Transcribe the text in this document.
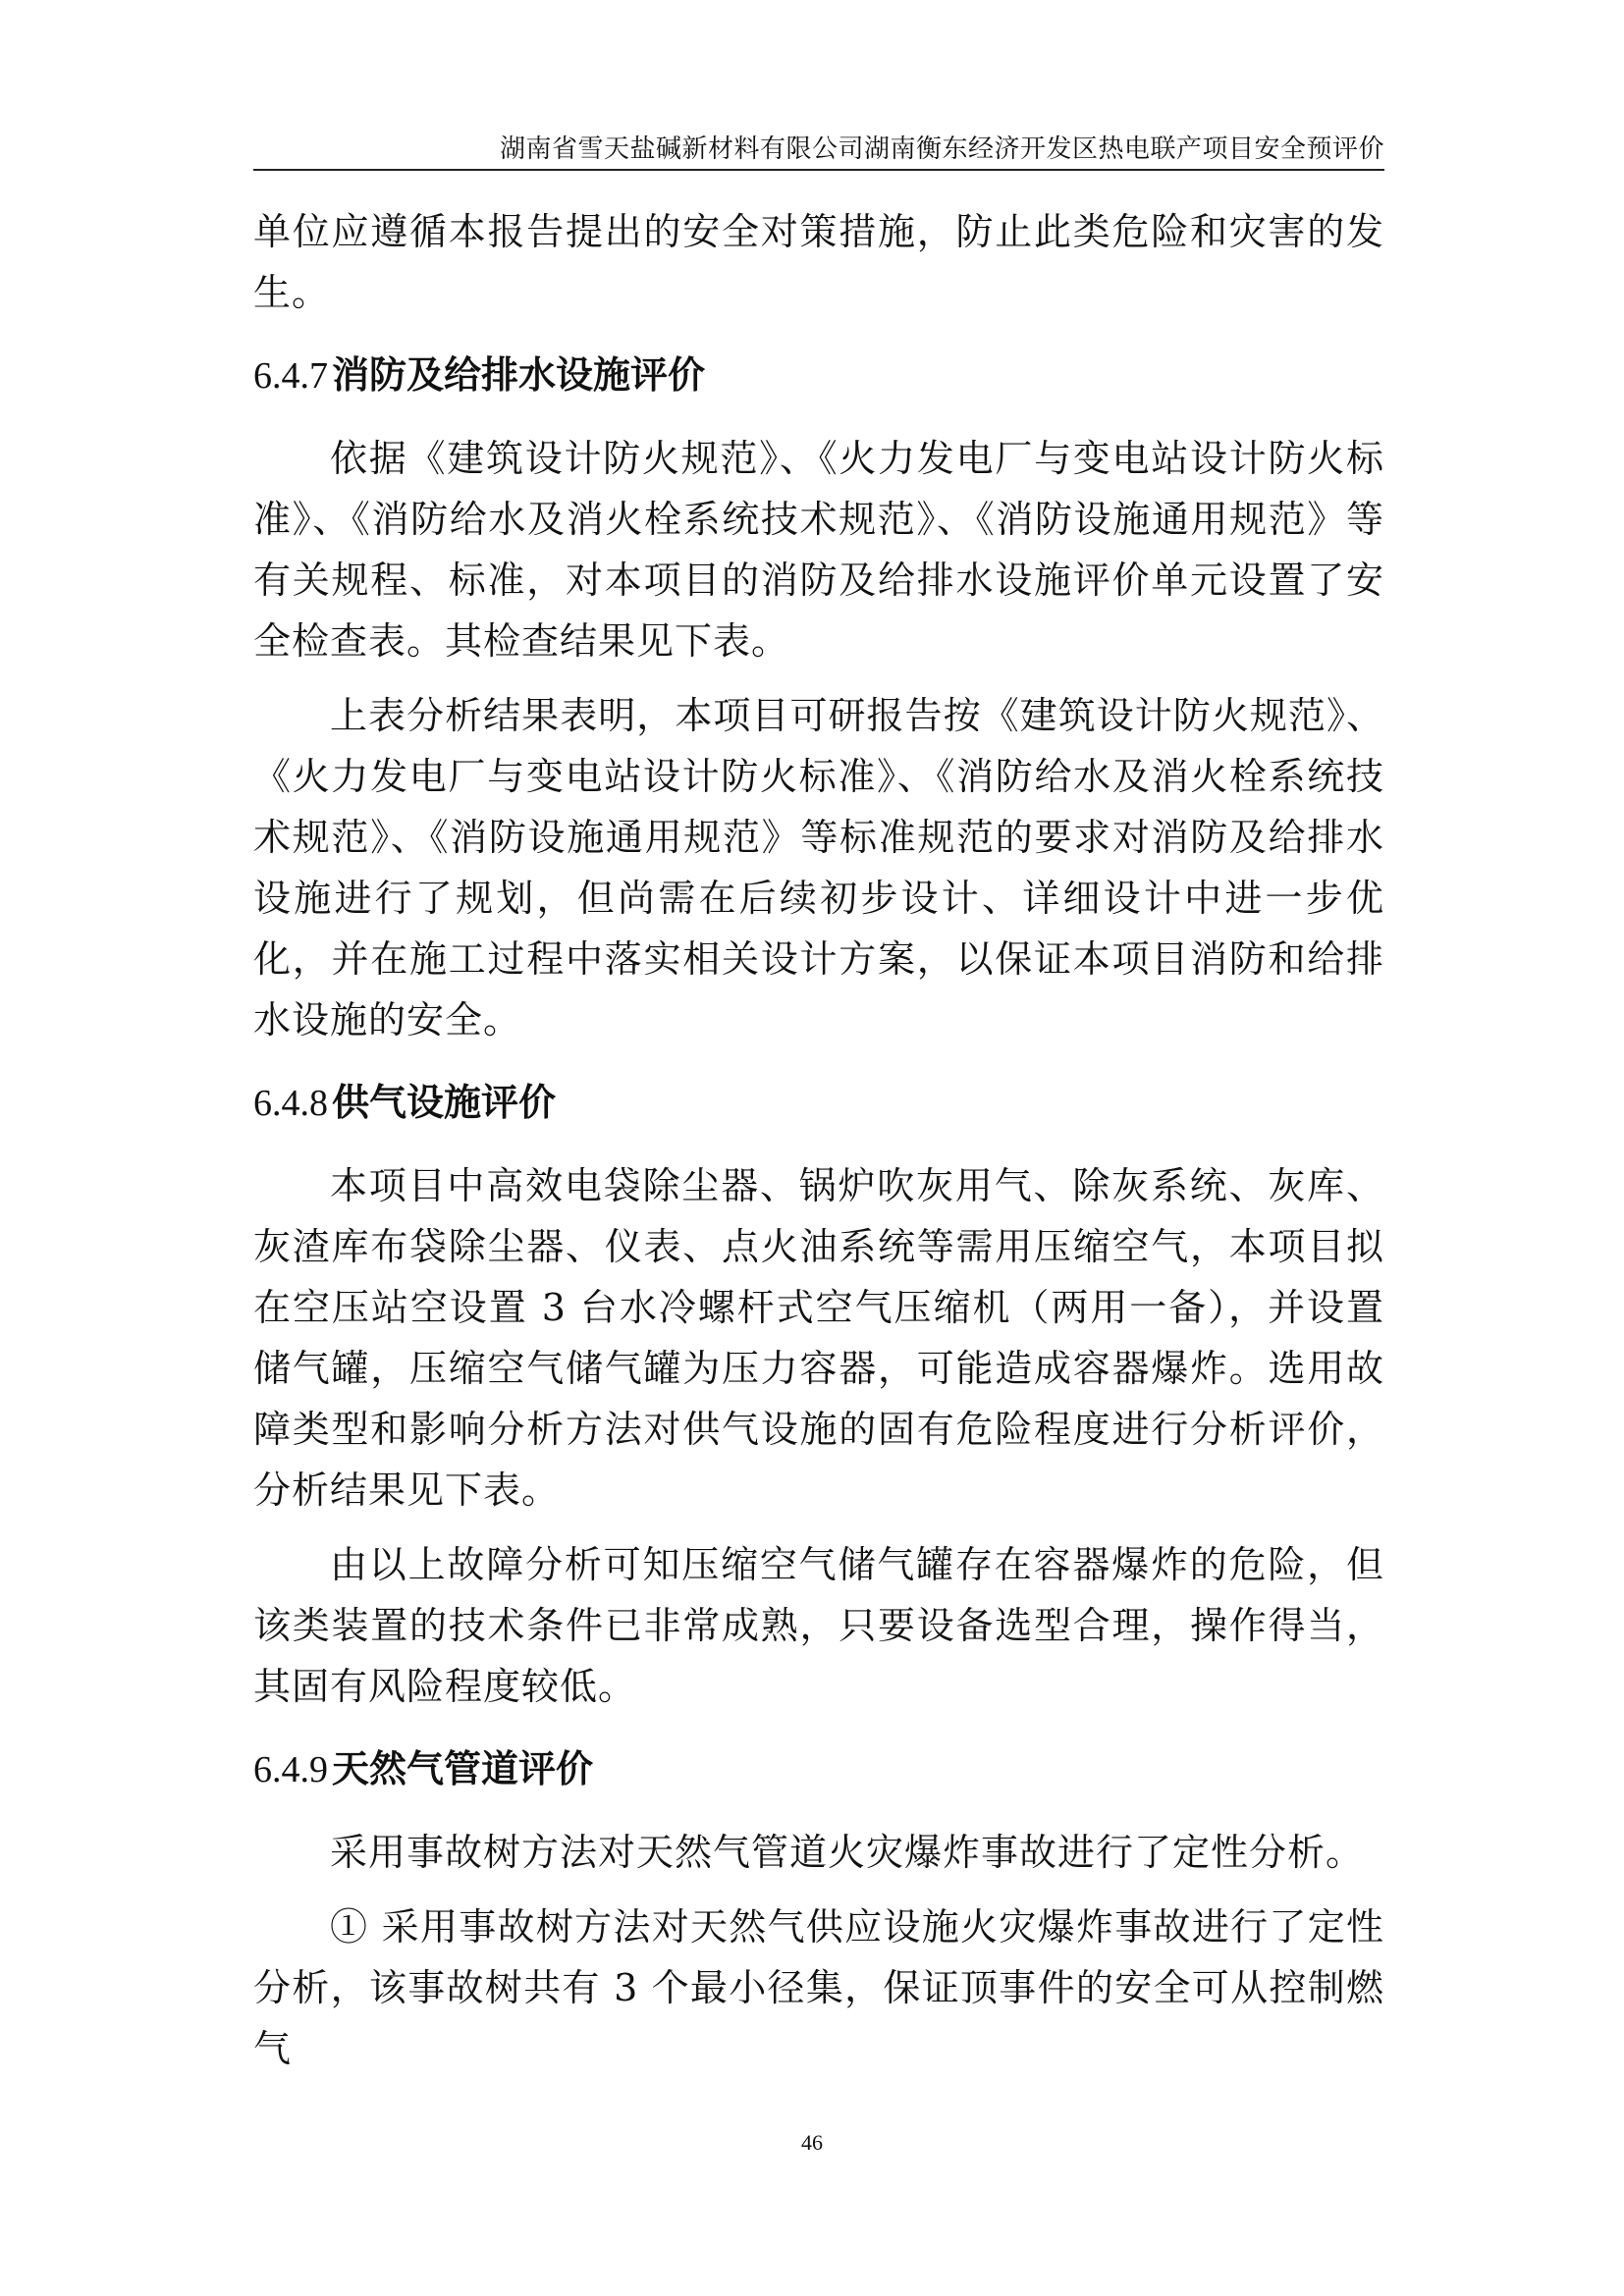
湖南省雪天盐碱新材料有限公司湖南衡东经济开发区热电联产项目安全预评价

单位应遵循本报告提出的安全对策措施，防止此类危险和灾害的发生。

6.4.7 消防及给排水设施评价

依据《建筑设计防火规范》、《火力发电厂与变电站设计防火标准》、《消防给水及消火栓系统技术规范》、《消防设施通用规范》等有关规程、标准，对本项目的消防及给排水设施评价单元设置了安全检查表。其检查结果见下表。

上表分析结果表明，本项目可研报告按《建筑设计防火规范》、《火力发电厂与变电站设计防火标准》、《消防给水及消火栓系统技术规范》、《消防设施通用规范》等标准规范的要求对消防及给排水设施进行了规划，但尚需在后续初步设计、详细设计中进一步优化，并在施工过程中落实相关设计方案，以保证本项目消防和给排水设施的安全。

6.4.8 供气设施评价

本项目中高效电袋除尘器、锅炉吹灰用气、除灰系统、灰库、灰渣库布袋除尘器、仪表、点火油系统等需用压缩空气，本项目拟在空压站空设置 3 台水冷螺杆式空气压缩机（两用一备），并设置储气罐，压缩空气储气罐为压力容器，可能造成容器爆炸。选用故障类型和影响分析方法对供气设施的固有危险程度进行分析评价，分析结果见下表。

由以上故障分析可知压缩空气储气罐存在容器爆炸的危险，但该类装置的技术条件已非常成熟，只要设备选型合理，操作得当，其固有风险程度较低。

6.4.9 天然气管道评价

采用事故树方法对天然气管道火灾爆炸事故进行了定性分析。

① 采用事故树方法对天然气供应设施火灾爆炸事故进行了定性分析，该事故树共有 3 个最小径集，保证顶事件的安全可从控制燃气

46
